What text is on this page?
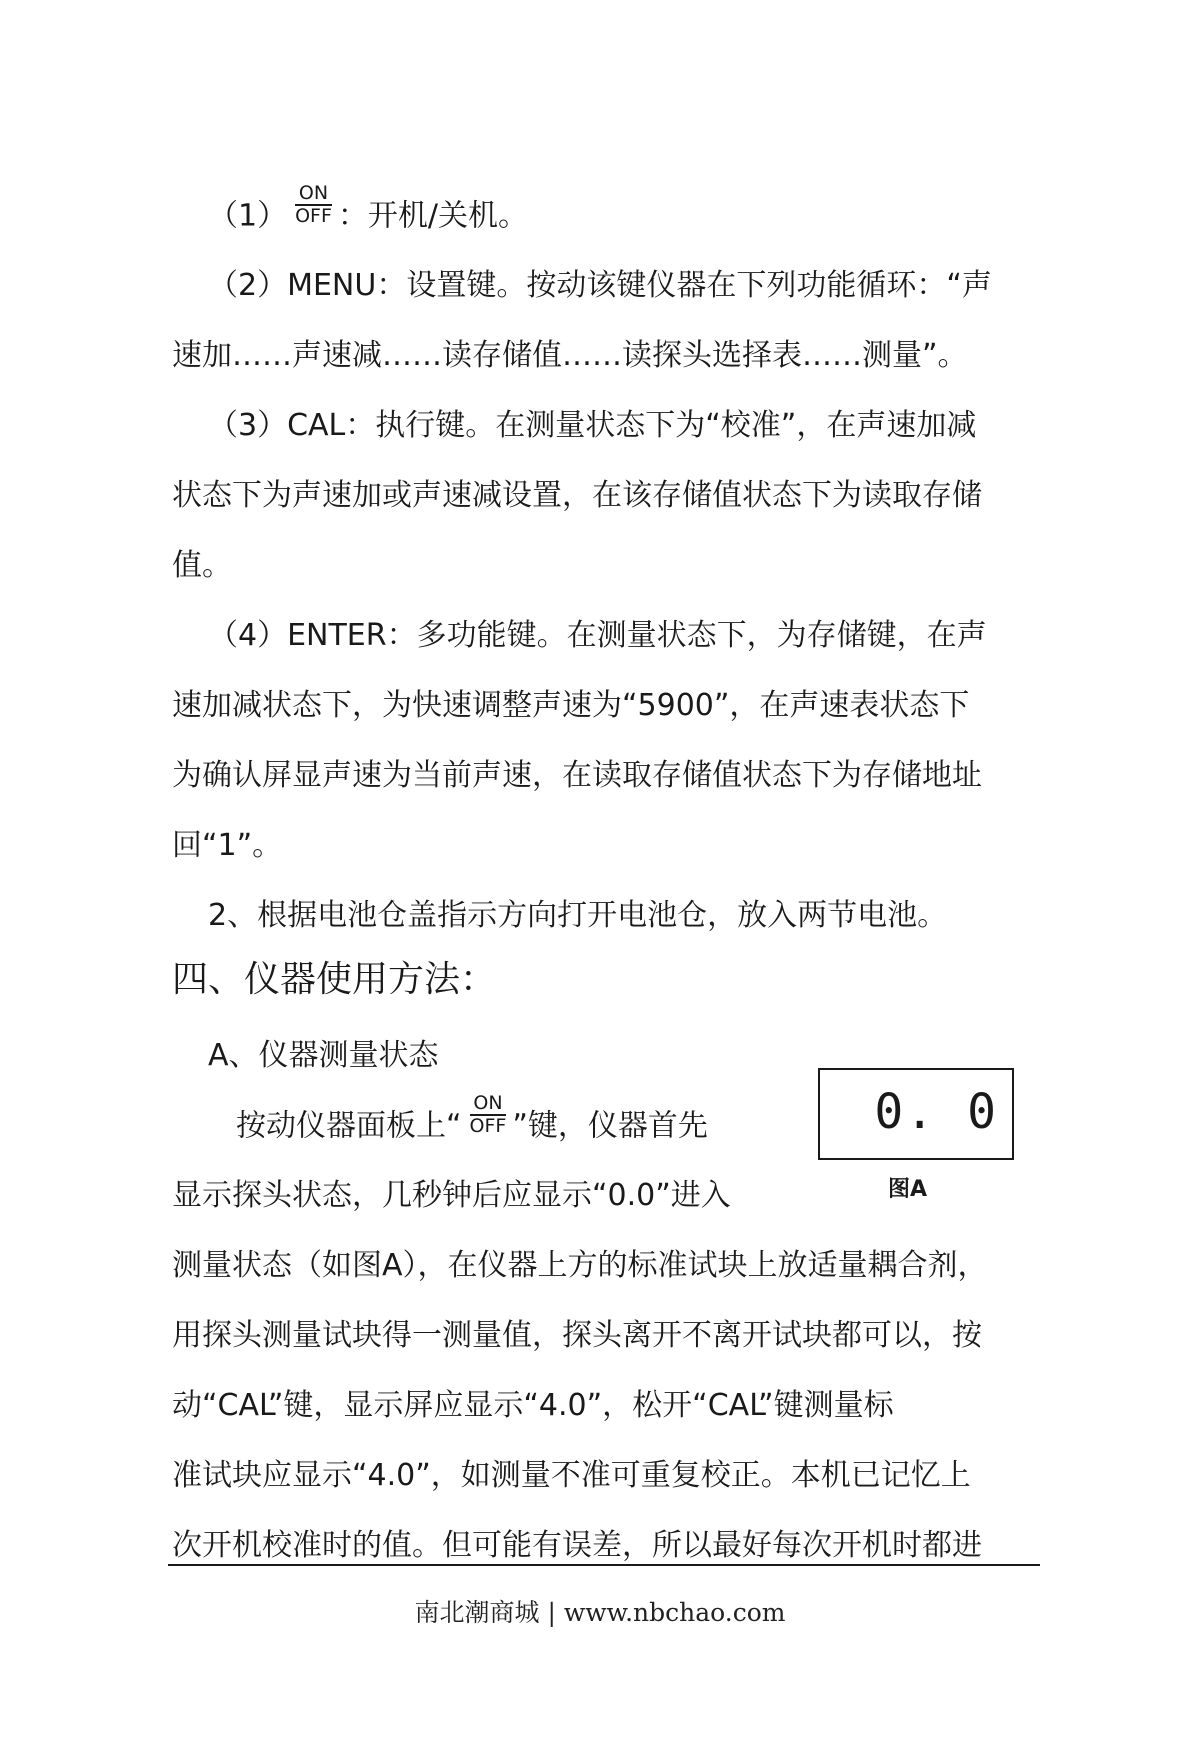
（1）
ON
OFF ：开机/关机。
（2）MENU：设置键。按动该键仪器在下列功能循环：“声
速加……声速减……读存储值……读探头选择表……测量”。
（3）CAL：执行键。在测量状态下为“校准”，在声速加减
状态下为声速加或声速减设置，在该存储值状态下为读取存储
值。
（4）ENTER：多功能键。在测量状态下，为存储键，在声
速加减状态下，为快速调整声速为“5900”，在声速表状态下
为确认屏显声速为当前声速，在读取存储值状态下为存储地址
回“1”。
2、根据电池仓盖指示方向打开电池仓，放入两节电池。
四、仪器使用方法：
A、仪器测量状态
按动仪器面板上“
ON
OFF ”键，仪器首先
显示探头状态，几秒钟后应显示“0.0”进入
测量状态（如图A），在仪器上方的标准试块上放适量耦合剂，
用探头测量试块得一测量值，探头离开不离开试块都可以，按
动“CAL”键，显示屏应显示“4.0”，松开“CAL”键测量标
准试块应显示“4.0”，如测量不准可重复校正。本机已记忆上
次开机校准时的值。但可能有误差，所以最好每次开机时都进
0. 0
图A
南北潮商城 | www.nbchao.com
